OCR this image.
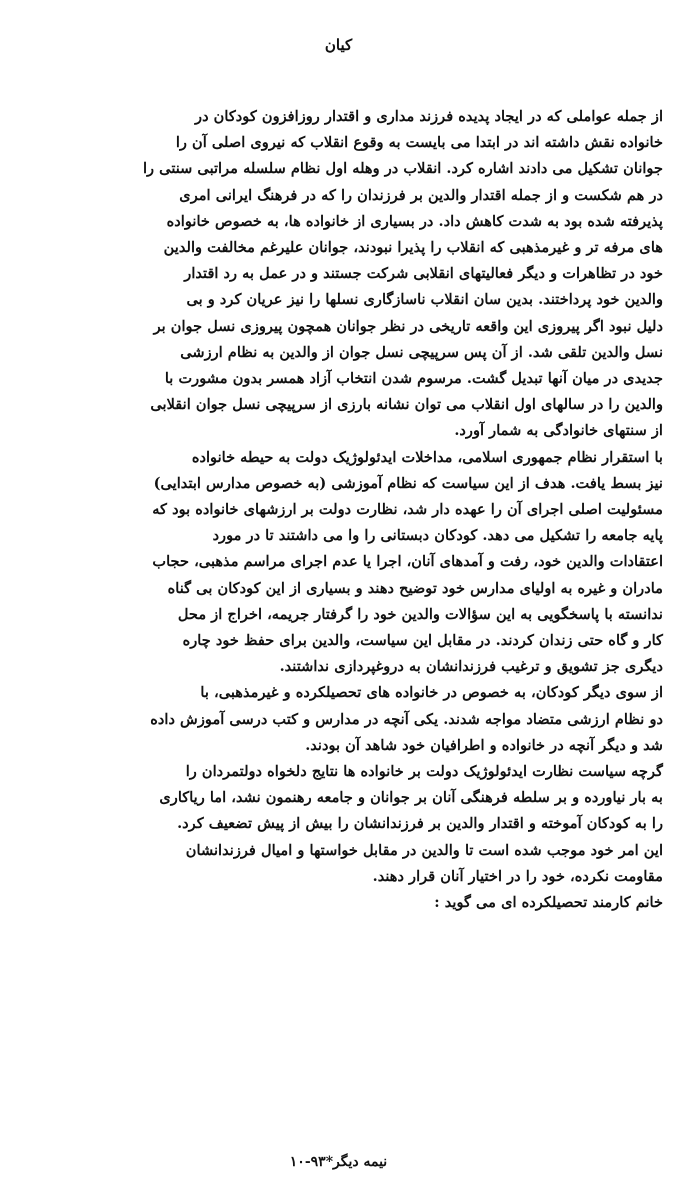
کیان

از جمله عواملی که در ایجاد پدیده فرزند مداری و اقتدار روزافزون کودکان در
خانواده نقش داشته اند در ابتدا می بایست به وقوع انقلاب که نیروی اصلی آن را
جوانان تشکیل می دادند اشاره کرد. انقلاب در وهله اول نظام سلسله مراتبی سنتی را
در هم شکست و از جمله اقتدار والدین بر فرزندان را که در فرهنگ ایرانی امری
پذیرفته شده بود به شدت کاهش داد. در بسیاری از خانواده ها، به خصوص خانواده
های مرفه تر و غیرمذهبی که انقلاب را پذیرا نبودند، جوانان علیرغم مخالفت والدین
خود در تظاهرات و دیگر فعالیتهای انقلابی شرکت جستند و در عمل به رد اقتدار
والدین خود پرداختند. بدین سان انقلاب ناسازگاری نسلها را نیز عریان کرد و بی
دلیل نبود اگر پیروزی این واقعه تاریخی در نظر جوانان همچون پیروزی نسل جوان بر
نسل والدین تلقی شد. از آن پس سرپیچی نسل جوان از والدین به نظام ارزشی
جدیدی در میان آنها تبدیل گشت. مرسوم شدن انتخاب آزاد همسر بدون مشورت با
والدین را در سالهای اول انقلاب می توان نشانه بارزی از سرپیچی نسل جوان انقلابی
از سنتهای خانوادگی به شمار آورد.

با استقرار نظام جمهوری اسلامی، مداخلات ایدئولوژیک دولت به حیطه خانواده
نیز بسط یافت. هدف از این سیاست که نظام آموزشی (به خصوص مدارس ابتدایی)
مسئولیت اصلی اجرای آن را عهده دار شد، نظارت دولت بر ارزشهای خانواده بود که
پایه جامعه را تشکیل می دهد. کودکان دبستانی را وا می داشتند تا در مورد
اعتقادات والدین خود، رفت و آمدهای آنان، اجرا یا عدم اجرای مراسم مذهبی، حجاب
مادران و غیره به اولیای مدارس خود توضیح دهند و بسیاری از این کودکان بی گناه
ندانسته با پاسخگویی به این سؤالات والدین خود را گرفتار جریمه، اخراج از محل
کار و گاه حتی زندان کردند. در مقابل این سیاست، والدین برای حفظ خود چاره
دیگری جز تشویق و ترغیب فرزندانشان به دروغپردازی نداشتند.

از سوی دیگر کودکان، به خصوص در خانواده های تحصیلکرده و غیرمذهبی، با
دو نظام ارزشی متضاد مواجه شدند. یکی آنچه در مدارس و کتب درسی آموزش داده
شد و دیگر آنچه در خانواده و اطرافیان خود شاهد آن بودند.

گرچه سیاست نظارت ایدئولوژیک دولت بر خانواده ها نتایج دلخواه دولتمردان را
به بار نیاورده و بر سلطه فرهنگی آنان بر جوانان و جامعه رهنمون نشد، اما ریاکاری
را به کودکان آموخته و اقتدار والدین بر فرزندانشان را بیش از پیش تضعیف کرد.
این امر خود موجب شده است تا والدین در مقابل خواستها و امیال فرزندانشان
مقاومت نکرده، خود را در اختیار آنان قرار دهند.

خانم کارمند تحصیلکرده ای می گوید :

نیمه دیگر*۹۳-۱۰
